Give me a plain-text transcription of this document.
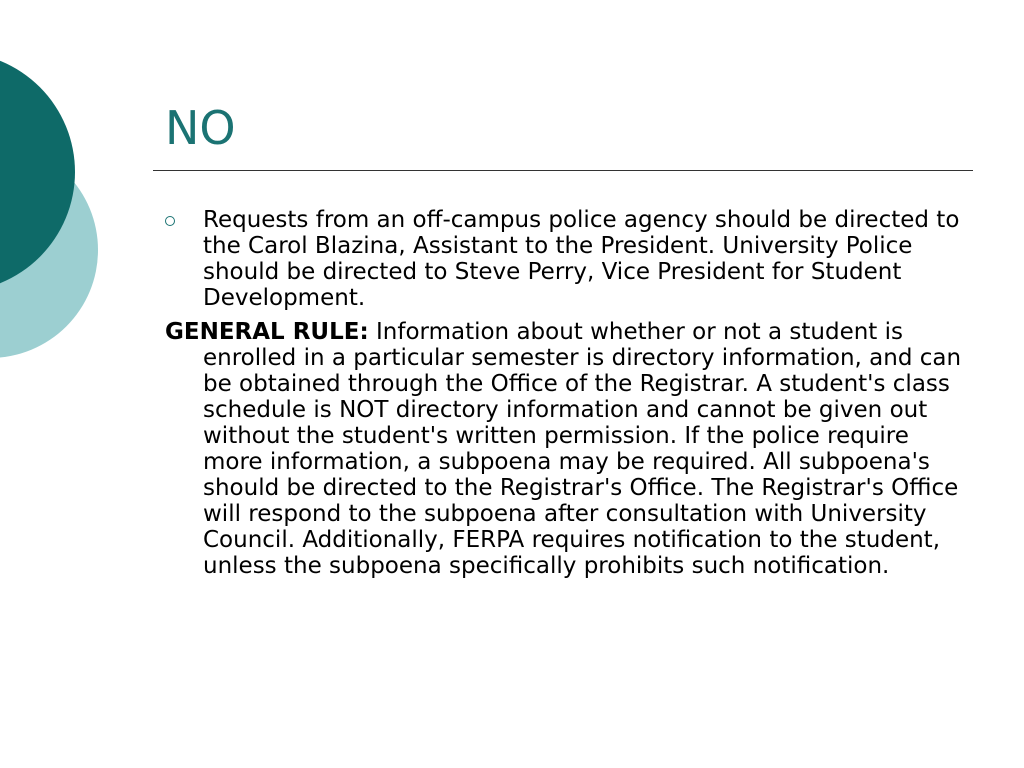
NO
Requests from an off-campus police agency should be directed to the Carol Blazina, Assistant to the President. University Police should be directed to Steve Perry, Vice President for Student Development.

GENERAL RULE: Information about whether or not a student is enrolled in a particular semester is directory information, and can be obtained through the Office of the Registrar. A student's class schedule is NOT directory information and cannot be given out without the student's written permission. If the police require more information, a subpoena may be required. All subpoena's should be directed to the Registrar's Office. The Registrar's Office will respond to the subpoena after consultation with University Council. Additionally, FERPA requires notification to the student, unless the subpoena specifically prohibits such notification.
